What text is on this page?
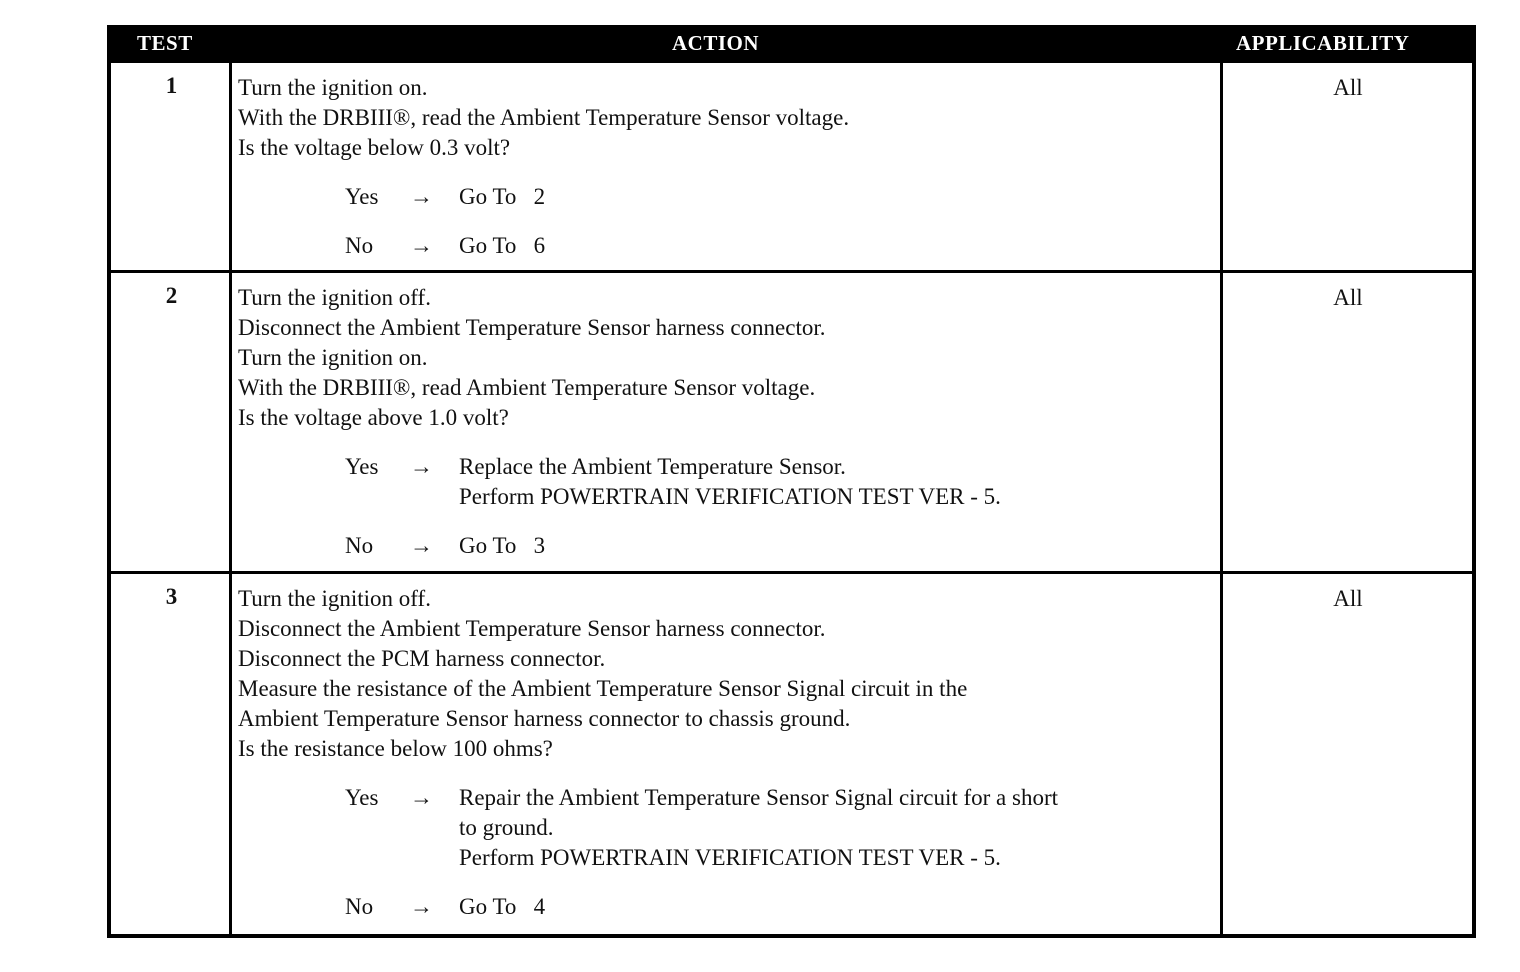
TEST	ACTION	APPLICABILITY
1	Turn the ignition on.
With the DRBIII®, read the Ambient Temperature Sensor voltage.
Is the voltage below 0.3 volt?
Yes	→	Go To   2
No	→	Go To   6
All
2	Turn the ignition off.
Disconnect the Ambient Temperature Sensor harness connector.
Turn the ignition on.
With the DRBIII®, read Ambient Temperature Sensor voltage.
Is the voltage above 1.0 volt?
Yes	→	Replace the Ambient Temperature Sensor.
Perform POWERTRAIN VERIFICATION TEST VER - 5.
No	→	Go To   3
All
3	Turn the ignition off.
Disconnect the Ambient Temperature Sensor harness connector.
Disconnect the PCM harness connector.
Measure the resistance of the Ambient Temperature Sensor Signal circuit in the
Ambient Temperature Sensor harness connector to chassis ground.
Is the resistance below 100 ohms?
Yes	→	Repair the Ambient Temperature Sensor Signal circuit for a short
to ground.
Perform POWERTRAIN VERIFICATION TEST VER - 5.
No	→	Go To   4
All
